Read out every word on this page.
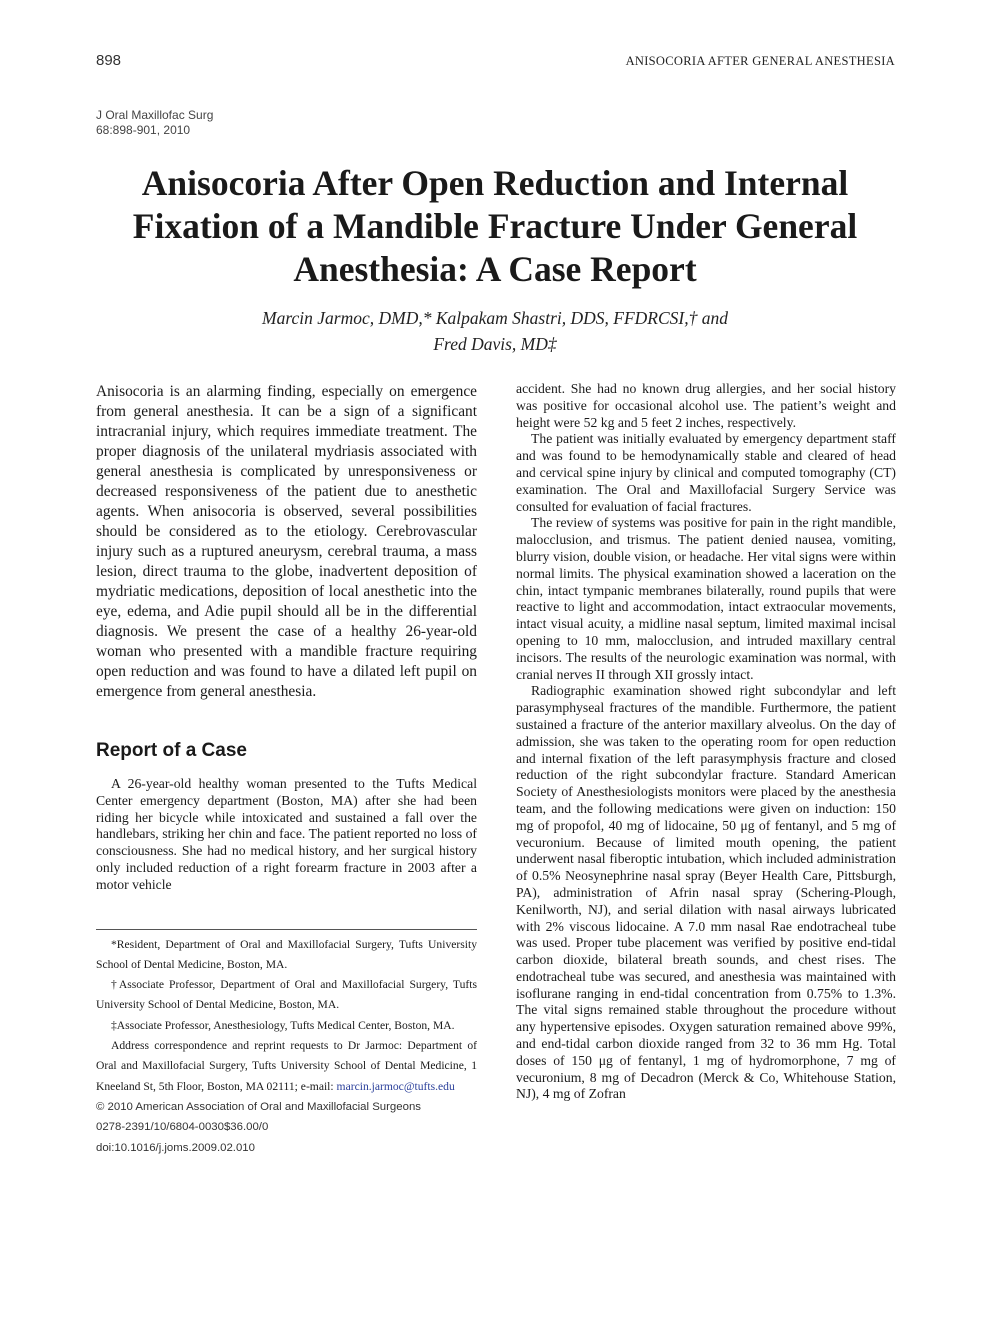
898	ANISOCORIA AFTER GENERAL ANESTHESIA
J Oral Maxillofac Surg
68:898-901, 2010
Anisocoria After Open Reduction and Internal Fixation of a Mandible Fracture Under General Anesthesia: A Case Report
Marcin Jarmoc, DMD,* Kalpakam Shastri, DDS, FFDRCSI,† and
Fred Davis, MD‡

Anisocoria is an alarming finding, especially on emergence from general anesthesia. It can be a sign of a significant intracranial injury, which requires immediate treatment. The proper diagnosis of the unilateral mydriasis associated with general anesthesia is complicated by unresponsiveness or decreased responsiveness of the patient due to anesthetic agents. When anisocoria is observed, several possibilities should be considered as to the etiology. Cerebrovascular injury such as a ruptured aneurysm, cerebral trauma, a mass lesion, direct trauma to the globe, inadvertent deposition of mydriatic medications, deposition of local anesthetic into the eye, edema, and Adie pupil should all be in the differential diagnosis. We present the case of a healthy 26-year-old woman who presented with a mandible fracture requiring open reduction and was found to have a dilated left pupil on emergence from general anesthesia.

Report of a Case

A 26-year-old healthy woman presented to the Tufts Medical Center emergency department (Boston, MA) after she had been riding her bicycle while intoxicated and sustained a fall over the handlebars, striking her chin and face. The patient reported no loss of consciousness. She had no medical history, and her surgical history only included reduction of a right forearm fracture in 2003 after a motor vehicle

*Resident, Department of Oral and Maxillofacial Surgery, Tufts University School of Dental Medicine, Boston, MA.

†Associate Professor, Department of Oral and Maxillofacial Surgery, Tufts University School of Dental Medicine, Boston, MA.

‡Associate Professor, Anesthesiology, Tufts Medical Center, Boston, MA.

Address correspondence and reprint requests to Dr Jarmoc: Department of Oral and Maxillofacial Surgery, Tufts University School of Dental Medicine, 1 Kneeland St, 5th Floor, Boston, MA 02111; e-mail: marcin.jarmoc@tufts.edu

© 2010 American Association of Oral and Maxillofacial Surgeons
0278-2391/10/6804-0030$36.00/0
doi:10.1016/j.joms.2009.02.010

accident. She had no known drug allergies, and her social history was positive for occasional alcohol use. The patient’s weight and height were 52 kg and 5 feet 2 inches, respectively.

The patient was initially evaluated by emergency department staff and was found to be hemodynamically stable and cleared of head and cervical spine injury by clinical and computed tomography (CT) examination. The Oral and Maxillofacial Surgery Service was consulted for evaluation of facial fractures.

The review of systems was positive for pain in the right mandible, malocclusion, and trismus. The patient denied nausea, vomiting, blurry vision, double vision, or headache. Her vital signs were within normal limits. The physical examination showed a laceration on the chin, intact tympanic membranes bilaterally, round pupils that were reactive to light and accommodation, intact extraocular movements, intact visual acuity, a midline nasal septum, limited maximal incisal opening to 10 mm, malocclusion, and intruded maxillary central incisors. The results of the neurologic examination was normal, with cranial nerves II through XII grossly intact.

Radiographic examination showed right subcondylar and left parasymphyseal fractures of the mandible. Furthermore, the patient sustained a fracture of the anterior maxillary alveolus. On the day of admission, she was taken to the operating room for open reduction and internal fixation of the left parasymphysis fracture and closed reduction of the right subcondylar fracture. Standard American Society of Anesthesiologists monitors were placed by the anesthesia team, and the following medications were given on induction: 150 mg of propofol, 40 mg of lidocaine, 50 μg of fentanyl, and 5 mg of vecuronium. Because of limited mouth opening, the patient underwent nasal fiberoptic intubation, which included administration of 0.5% Neosynephrine nasal spray (Beyer Health Care, Pittsburgh, PA), administration of Afrin nasal spray (Schering-Plough, Kenilworth, NJ), and serial dilation with nasal airways lubricated with 2% viscous lidocaine. A 7.0 mm nasal Rae endotracheal tube was used. Proper tube placement was verified by positive end-tidal carbon dioxide, bilateral breath sounds, and chest rises. The endotracheal tube was secured, and anesthesia was maintained with isoflurane ranging in end-tidal concentration from 0.75% to 1.3%. The vital signs remained stable throughout the procedure without any hypertensive episodes. Oxygen saturation remained above 99%, and end-tidal carbon dioxide ranged from 32 to 36 mm Hg. Total doses of 150 μg of fentanyl, 1 mg of hydromorphone, 7 mg of vecuronium, 8 mg of Decadron (Merck & Co, Whitehouse Station, NJ), 4 mg of Zofran
